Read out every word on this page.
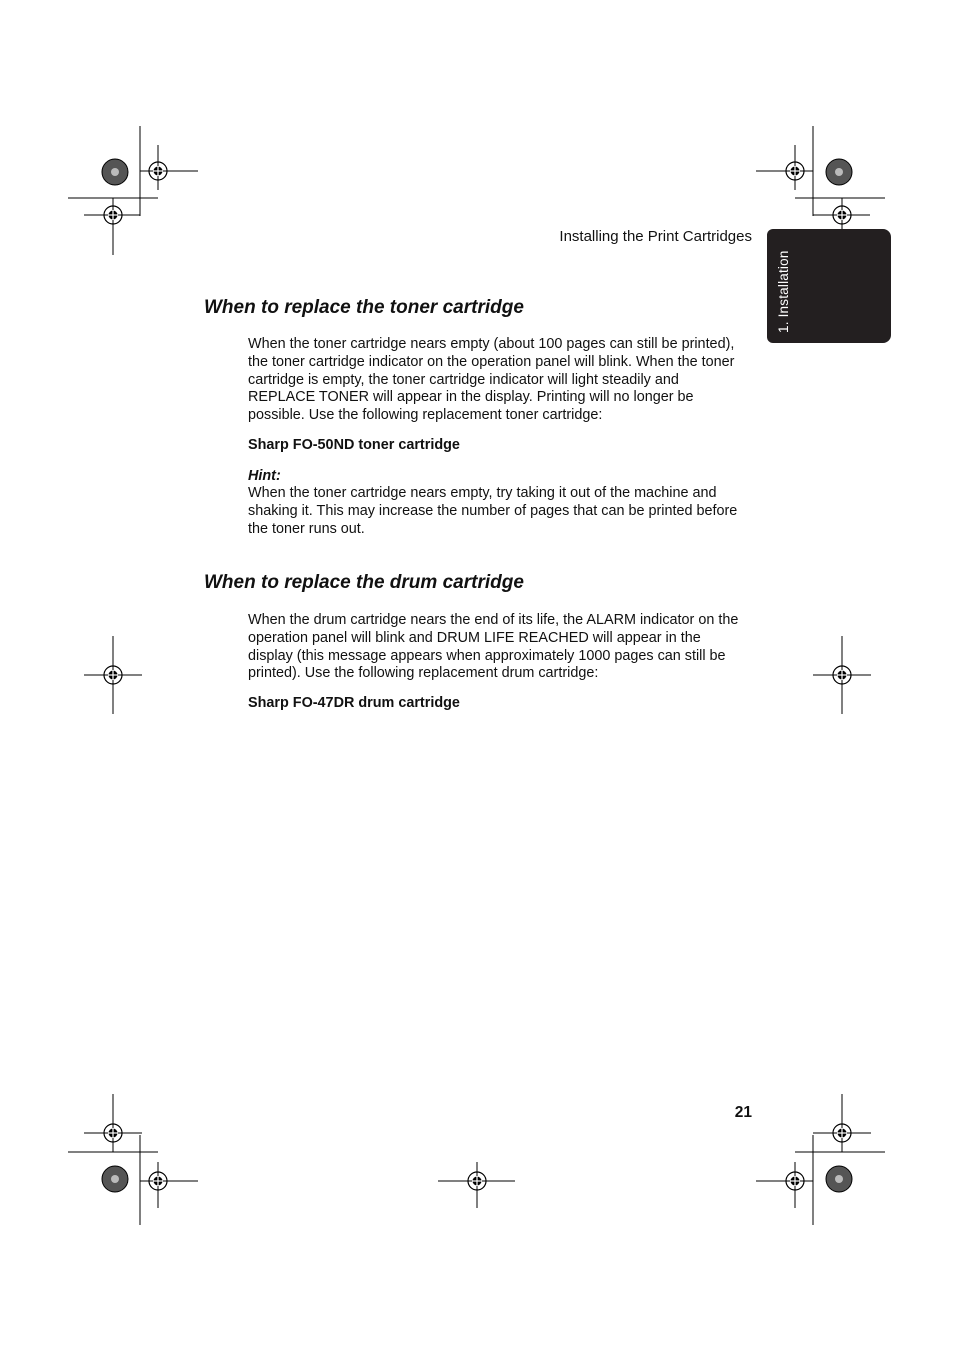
Installing the Print Cartridges
1. Installation
When to replace the toner cartridge

When the toner cartridge nears empty (about 100 pages can still be printed), the toner cartridge indicator on the operation panel will blink. When the toner cartridge is empty, the toner cartridge indicator will light steadily and REPLACE TONER will appear in the display. Printing will no longer be possible. Use the following replacement toner cartridge:

Sharp FO-50ND toner cartridge

Hint:

When the toner cartridge nears empty, try taking it out of the machine and shaking it. This may increase the number of pages that can be printed before the toner runs out.

When to replace the drum cartridge

When the drum cartridge nears the end of its life, the ALARM indicator on the operation panel will blink and DRUM LIFE REACHED will appear in the display (this message appears when approximately 1000 pages can still be printed). Use the following replacement drum cartridge:

Sharp FO-47DR drum cartridge

21
